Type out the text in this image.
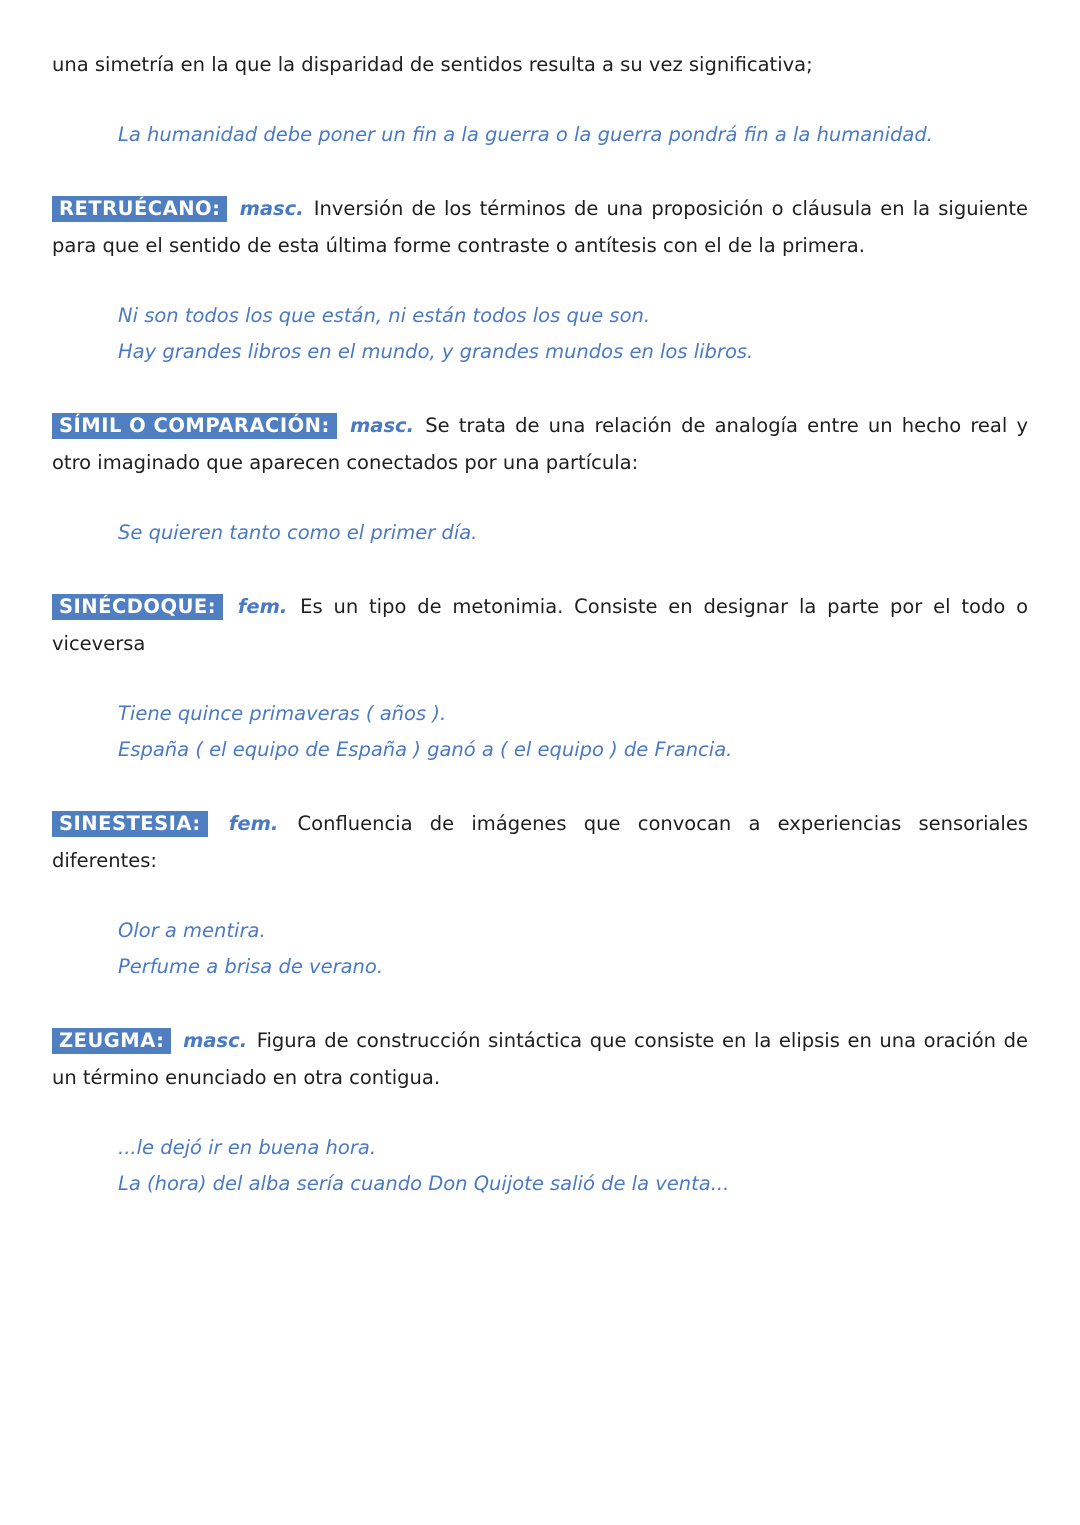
una simetría en la que la disparidad de sentidos resulta a su vez significativa;

La humanidad debe poner un fin a la guerra o la guerra pondrá fin a la humanidad.

RETRUÉCANO: masc. Inversión de los términos de una proposición o cláusula en la siguiente para que el sentido de esta última forme contraste o antítesis con el de la primera.

Ni son todos los que están, ni están todos los que son.
Hay grandes libros en el mundo, y grandes mundos en los libros.

SÍMIL O COMPARACIÓN: masc. Se trata de una relación de analogía entre un hecho real y otro imaginado que aparecen conectados por una partícula:

Se quieren tanto como el primer día.

SINÉCDOQUE: fem. Es un tipo de metonimia. Consiste en designar la parte por el todo o viceversa

Tiene quince primaveras ( años ).
España ( el equipo de España ) ganó a ( el equipo ) de Francia.

SINESTESIA: fem. Confluencia de imágenes que convocan a experiencias sensoriales diferentes:

Olor a mentira.
Perfume a brisa de verano.

ZEUGMA: masc. Figura de construcción sintáctica que consiste en la elipsis en una oración de un término enunciado en otra contigua.

...le dejó ir en buena hora.
La (hora) del alba sería cuando Don Quijote salió de la venta...
